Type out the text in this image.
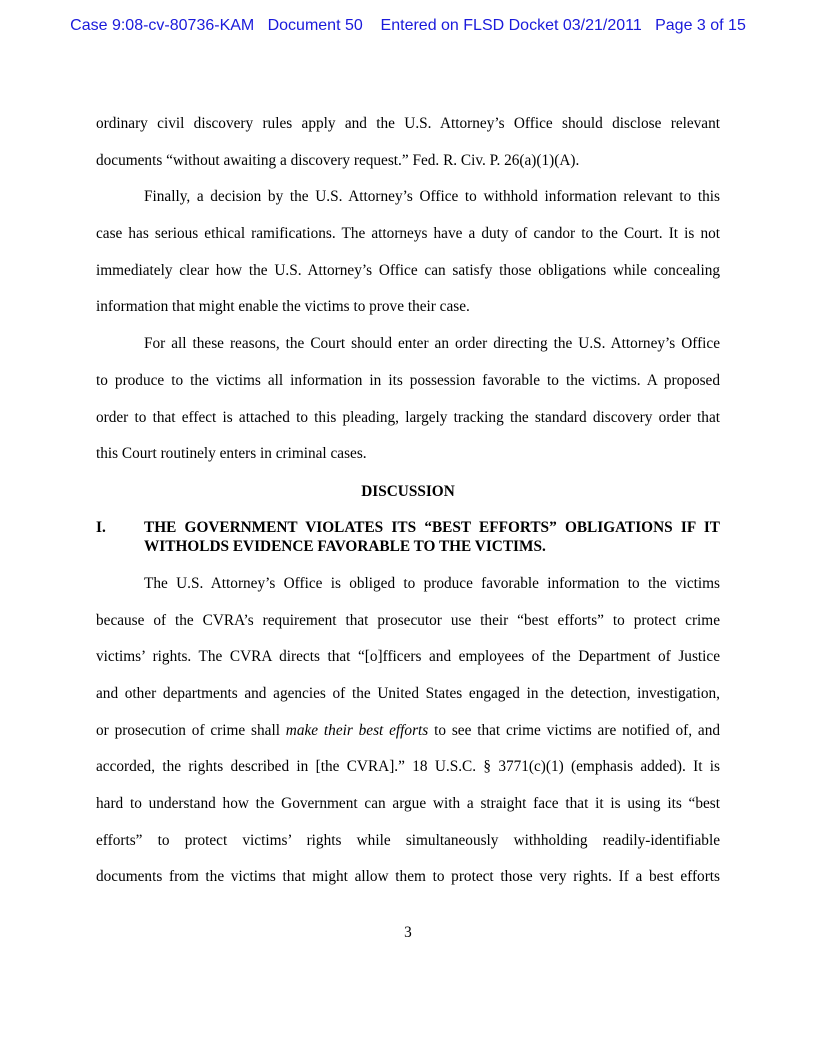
Case 9:08-cv-80736-KAM Document 50 Entered on FLSD Docket 03/21/2011 Page 3 of 15
ordinary civil discovery rules apply and the U.S. Attorney’s Office should disclose relevant
documents “without awaiting a discovery request.” Fed. R. Civ. P. 26(a)(1)(A).
Finally, a decision by the U.S. Attorney’s Office to withhold information relevant to this
case has serious ethical ramifications. The attorneys have a duty of candor to the Court. It is not
immediately clear how the U.S. Attorney’s Office can satisfy those obligations while concealing
information that might enable the victims to prove their case.
For all these reasons, the Court should enter an order directing the U.S. Attorney’s Office
to produce to the victims all information in its possession favorable to the victims. A proposed
order to that effect is attached to this pleading, largely tracking the standard discovery order that
this Court routinely enters in criminal cases.
DISCUSSION
I. THE GOVERNMENT VIOLATES ITS “BEST EFFORTS” OBLIGATIONS IF IT
WITHOLDS EVIDENCE FAVORABLE TO THE VICTIMS.
The U.S. Attorney’s Office is obliged to produce favorable information to the victims
because of the CVRA’s requirement that prosecutor use their “best efforts” to protect crime
victims’ rights. The CVRA directs that “[o]fficers and employees of the Department of Justice
and other departments and agencies of the United States engaged in the detection, investigation,
or prosecution of crime shall make their best efforts to see that crime victims are notified of, and
accorded, the rights described in [the CVRA].” 18 U.S.C. § 3771(c)(1) (emphasis added). It is
hard to understand how the Government can argue with a straight face that it is using its “best
efforts” to protect victims’ rights while simultaneously withholding readily-identifiable
documents from the victims that might allow them to protect those very rights. If a best efforts
3
